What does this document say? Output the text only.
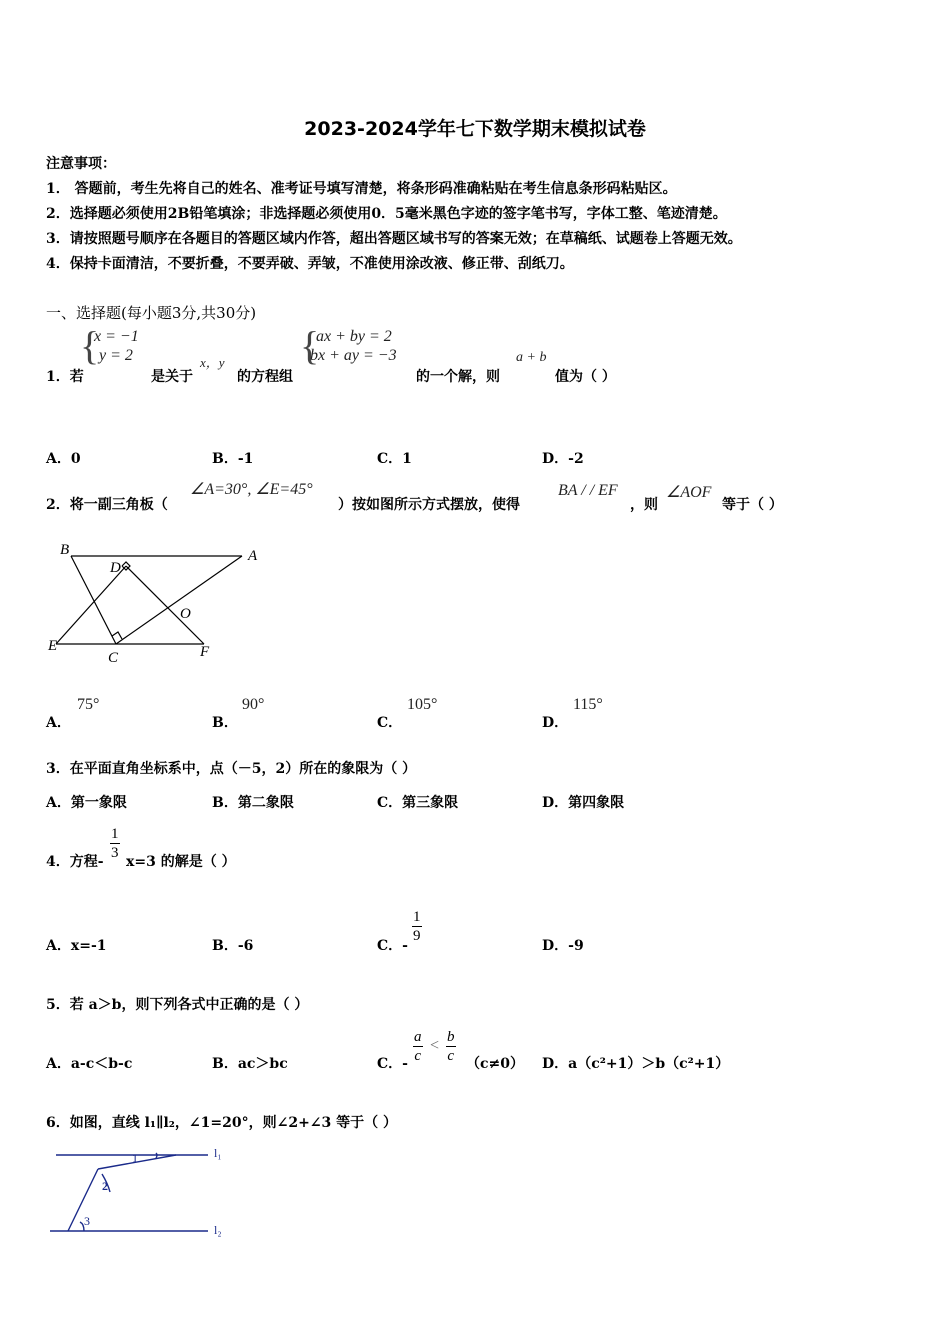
2023-2024学年七下数学期末模拟试卷
注意事项：
1． 答题前，考生先将自己的姓名、准考证号填写清楚，将条形码准确粘贴在考生信息条形码粘贴区。
2．选择题必须使用2B铅笔填涂；非选择题必须使用0．5毫米黑色字迹的签字笔书写，字体工整、笔迹清楚。
3．请按照题号顺序在各题目的答题区域内作答，超出答题区域书写的答案无效；在草稿纸、试题卷上答题无效。
4．保持卡面清洁，不要折叠，不要弄破、弄皱，不准使用涂改液、修正带、刮纸刀。
一、选择题(每小题3分,共30分)
1．若
{
x = −1
y = 2
是关于
x，y
的方程组
{
ax + by = 2
bx + ay = −3
的一个解，则
a + b
值为（ ）
A．0	B．-1	C．1	D．-2
2．将一副三角板（
∠A=30°, ∠E=45°
）按如图所示方式摆放，使得
BA / / EF
，则
∠AOF
等于（ ）
B	A
D
O
E
C	F
A．
75°
B．
90°
C．
105°
D．
115°
3．在平面直角坐标系中，点（－5，2）所在的象限为（ ）
A．第一象限	B．第二象限	C．第三象限	D．第四象限
4．方程- $\frac{1}{3} x=3$ 的解是（ ）
A．x=-1	B．-6	C．-
$\frac{1}{9}$
D．-9
5．若 a＞b，则下列各式中正确的是（ ）
A．a-c＜b-c	B．ac＞bc	C．- $\frac{a}{c} < \frac{b}{c} (c\ne 0)$ D．a（c²+1）＞b（c²+1）
6．如图，直线 l₁∥l₂，∠1=20°，则∠2+∠3 等于（ ）
l₁
l₂
1
2
3
